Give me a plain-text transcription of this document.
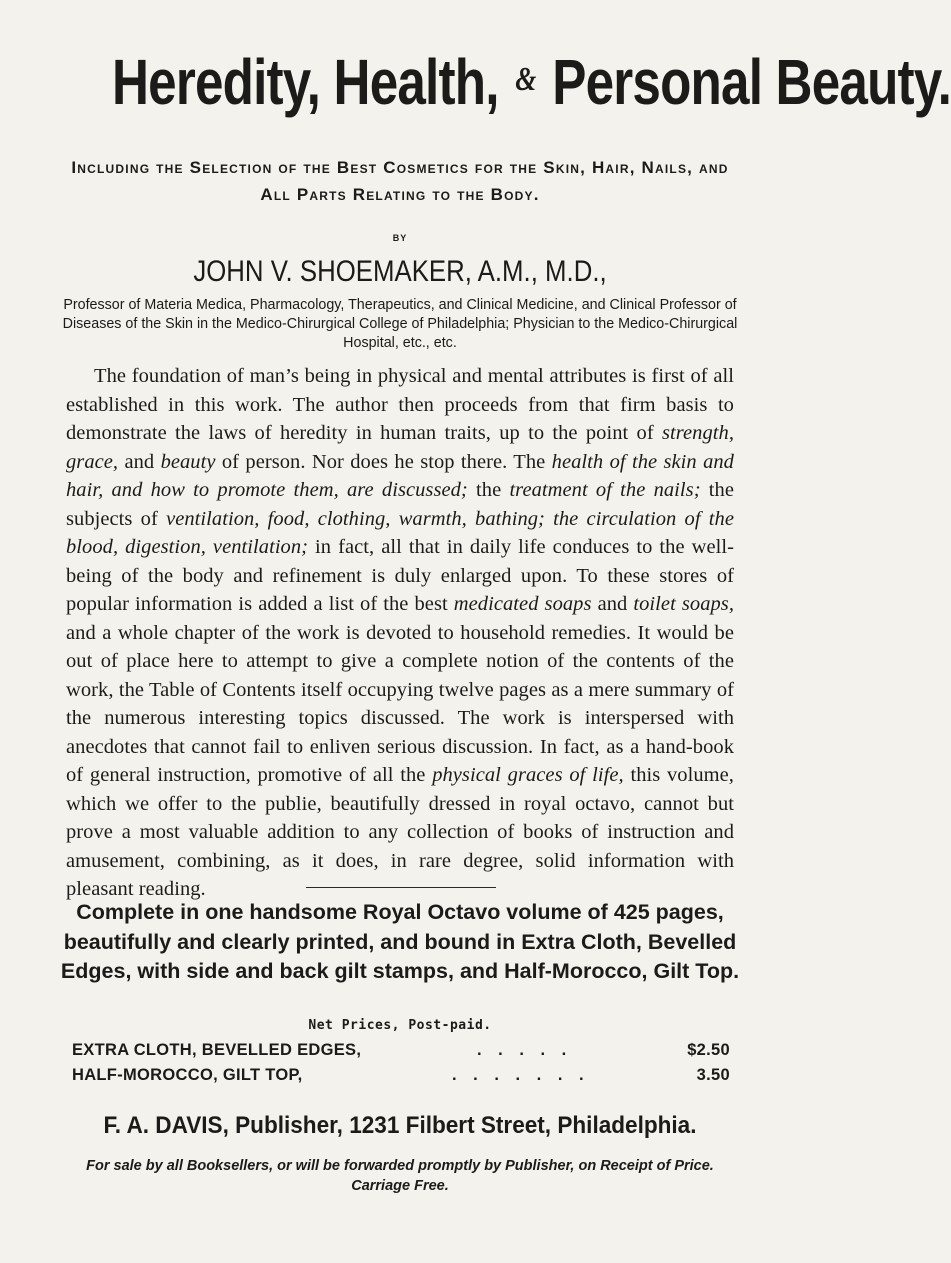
Heredity, Health, & Personal Beauty.
Including the Selection of the Best Cosmetics for the Skin, Hair, Nails, and All Parts Relating to the Body.
BY
JOHN V. SHOEMAKER, A.M., M.D.,
Professor of Materia Medica, Pharmacology, Therapeutics, and Clinical Medicine, and Clinical Professor of Diseases of the Skin in the Medico-Chirurgical College of Philadelphia; Physician to the Medico-Chirurgical Hospital, etc., etc.
The foundation of man’s being in physical and mental attributes is first of all established in this work. The author then proceeds from that firm basis to demonstrate the laws of heredity in human traits, up to the point of strength, grace, and beauty of person. Nor does he stop there. The health of the skin and hair, and how to promote them, are discussed; the treatment of the nails; the subjects of ventilation, food, clothing, warmth, bathing; the circulation of the blood, digestion, ventilation; in fact, all that in daily life conduces to the well-being of the body and refinement is duly enlarged upon. To these stores of popular information is added a list of the best medicated soaps and toilet soaps, and a whole chapter of the work is devoted to household remedies. It would be out of place here to attempt to give a complete notion of the contents of the work, the Table of Contents itself occupying twelve pages as a mere summary of the numerous interesting topics discussed. The work is interspersed with anecdotes that cannot fail to enliven serious discussion. In fact, as a hand-book of general instruction, promotive of all the physical graces of life, this volume, which we offer to the publie, beautifully dressed in royal octavo, cannot but prove a most valuable addition to any collection of books of instruction and amusement, combining, as it does, in rare degree, solid information with pleasant reading.
Complete in one handsome Royal Octavo volume of 425 pages, beautifully and clearly printed, and bound in Extra Cloth, Bevelled Edges, with side and back gilt stamps, and Half-Morocco, Gilt Top.
Net Prices, Post-paid.
EXTRA CLOTH, BEVELLED EDGES,	. . . . .	$2.50
HALF-MOROCCO, GILT TOP,	. . . . . . .	3.50
F. A. DAVIS, Publisher, 1231 Filbert Street, Philadelphia.
For sale by all Booksellers, or will be forwarded promptly by Publisher, on Receipt of Price. Carriage Free.
